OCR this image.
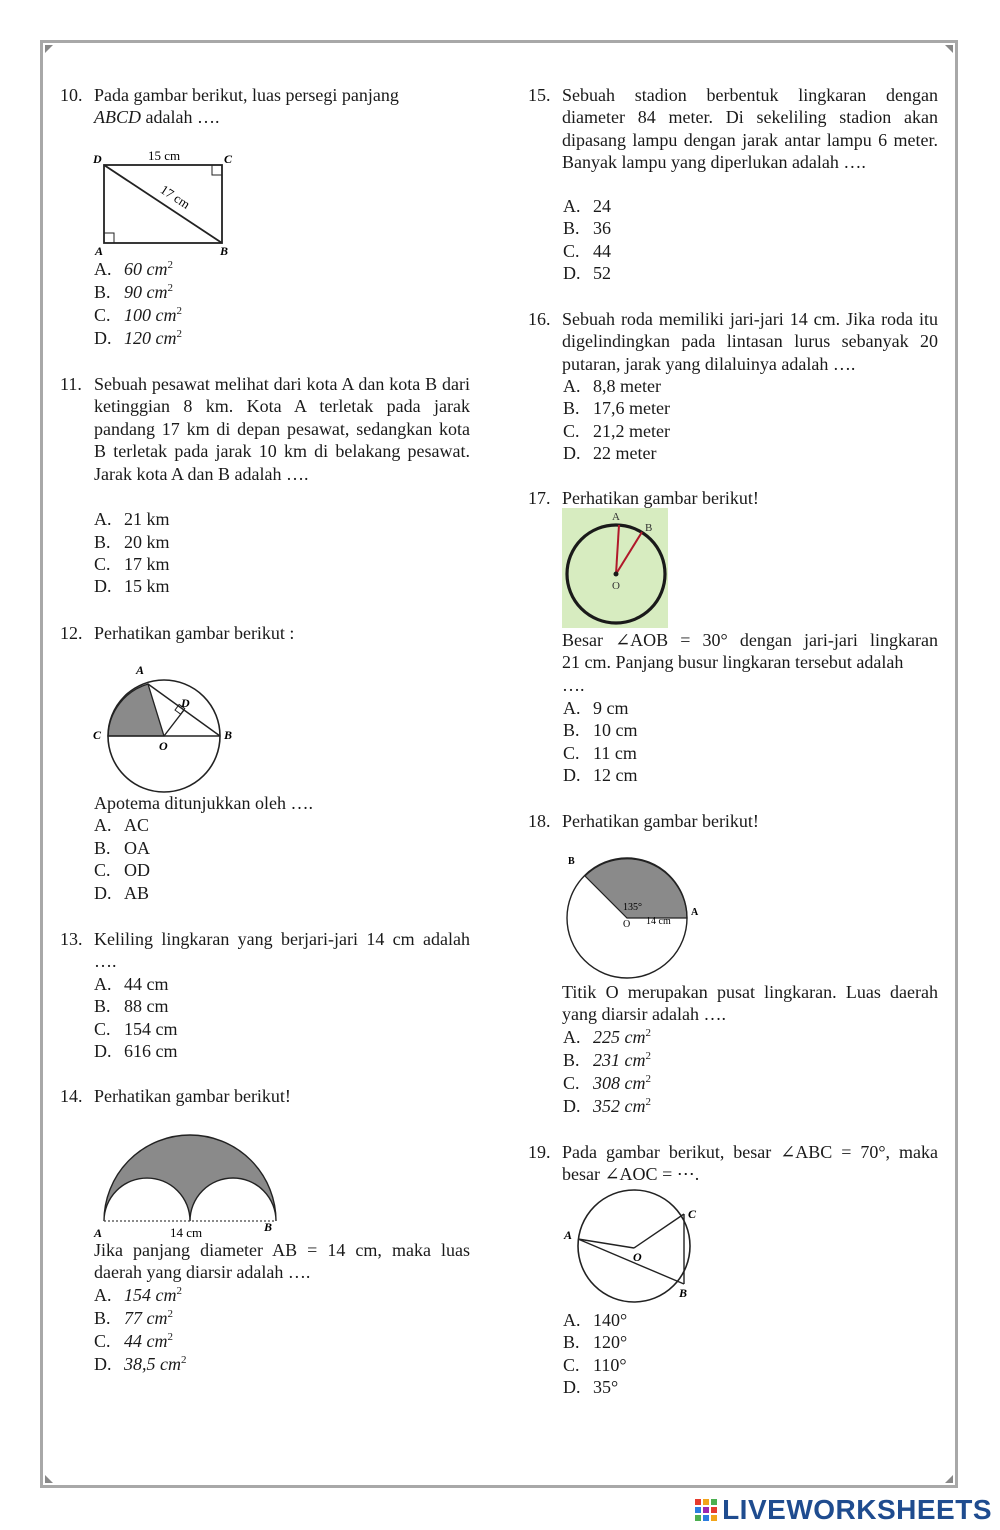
10. Pada gambar berikut, luas persegi panjang
ABCD adalah ….

D	C
A	B
15 cm
17 cm
A. 60 $cm^2$
B. 90 $cm^2$
C. 100 $cm^2$
D. 120 $cm^2$
11. Sebuah pesawat melihat dari kota A dan kota B dari ketinggian 8 km. Kota A terletak pada jarak pandang 17 km di depan pesawat, sedangkan kota B terletak pada jarak 10 km di belakang pesawat. Jarak kota A dan B adalah ….

A. 21 km
B. 20 km
C. 17 km
D. 15 km
12. Perhatikan gambar berikut :

A
D
C
O
B
Apotema ditunjukkan oleh ….
A. AC
B. OA
C. OD
D. AB
13. Keliling lingkaran yang berjari-jari 14 cm adalah ….

A. 44 cm
B. 88 cm
C. 154 cm
D. 616 cm
14. Perhatikan gambar berikut!

A	14 cm	B

Jika panjang diameter AB = 14 cm, maka luas daerah yang diarsir adalah ….

A. 154 $cm^2$
B. 77 $cm^2$
C. 44 $cm^2$
D. 38,5 $cm^2$
15. Sebuah stadion berbentuk lingkaran dengan diameter 84 meter. Di sekeliling stadion akan dipasang lampu dengan jarak antar lampu 6 meter. Banyak lampu yang diperlukan adalah ….

A. 24
B. 36
C. 44
D. 52
16. Sebuah roda memiliki jari-jari 14 cm. Jika roda itu digelindingkan pada lintasan lurus sebanyak 20 putaran, jarak yang dilaluinya adalah ….

A. 8,8 meter
B. 17,6 meter
C. 21,2 meter
D. 22 meter
17. Perhatikan gambar berikut!

A
B
O

Besar ∠AOB = 30° dengan jari-jari lingkaran

21 cm. Panjang busur lingkaran tersebut adalah

….

A. 9 cm
B. 10 cm
C. 11 cm
D. 12 cm
18. Perhatikan gambar berikut!

B
135°
O 14 cm
A

Titik O merupakan pusat lingkaran. Luas daerah yang diarsir adalah ….

A. 225 $cm^2$
B. 231 $cm^2$
C. 308 $cm^2$
D. 352 $cm^2$
19. Pada gambar berikut, besar ∠ABC = 70°, maka

besar ∠AOC = ⋯.

A
C
O
B
A. 140°
B. 120°
C. 110°
D. 35°
LIVEWORKSHEETS
